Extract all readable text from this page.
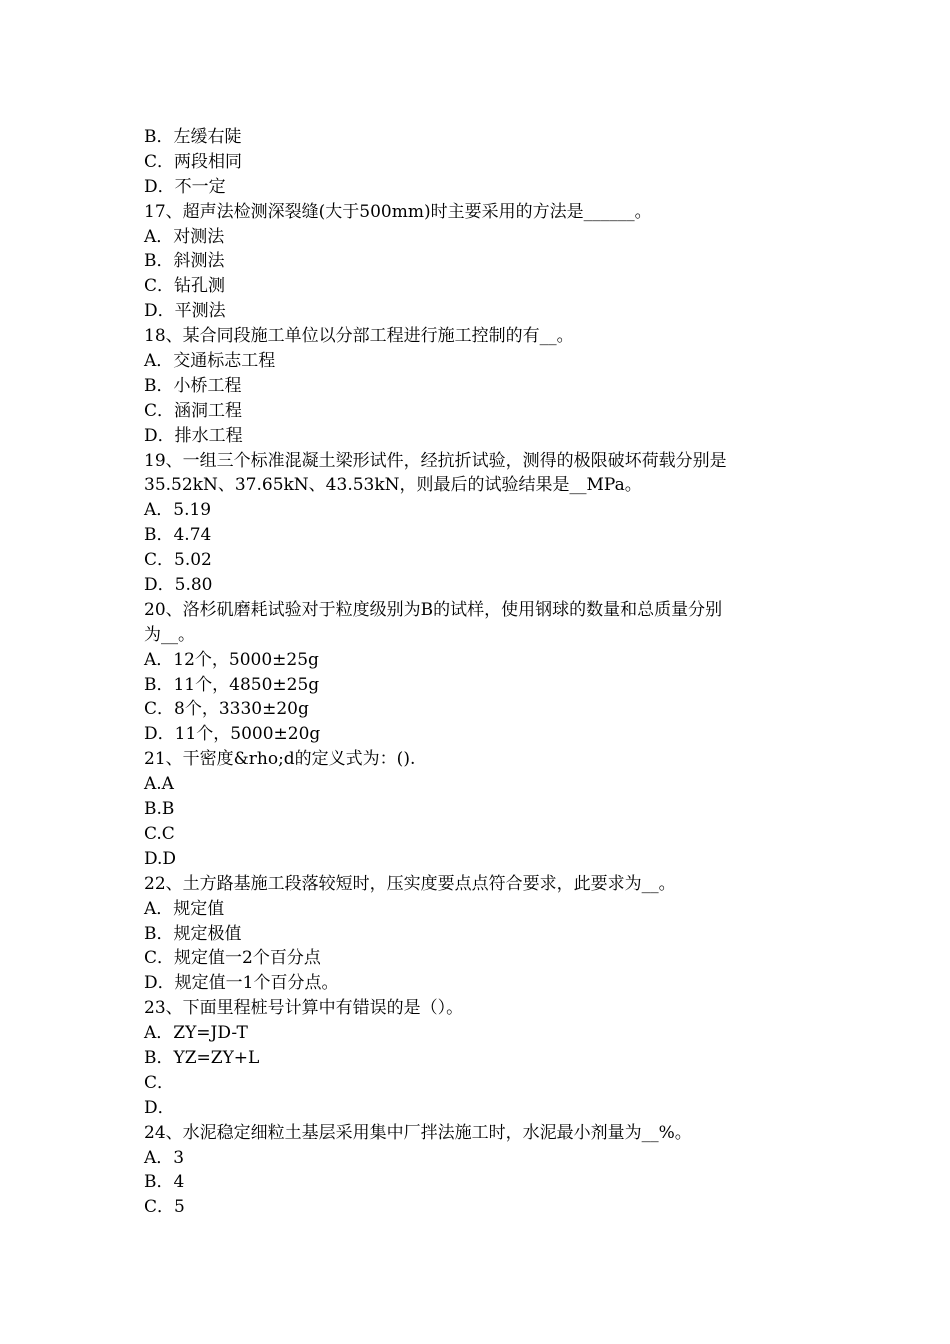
B．左缓右陡
C．两段相同
D．不一定
17、超声法检测深裂缝(大于500mm)时主要采用的方法是______。
A．对测法
B．斜测法
C．钻孔测
D．平测法
18、某合同段施工单位以分部工程进行施工控制的有__。
A．交通标志工程
B．小桥工程
C．涵洞工程
D．排水工程
19、一组三个标准混凝土梁形试件，经抗折试验，测得的极限破坏荷载分别是
35.52kN、37.65kN、43.53kN，则最后的试验结果是__MPa。
A．5.19
B．4.74
C．5.02
D．5.80
20、洛杉矶磨耗试验对于粒度级别为B的试样，使用钢球的数量和总质量分别
为__。
A．12个，5000±25g
B．11个，4850±25g
C．8个，3330±20g
D．11个，5000±20g
21、干密度&rho;d的定义式为：().
A.A
B.B
C.C
D.D
22、土方路基施工段落较短时，压实度要点点符合要求，此要求为__。
A．规定值
B．规定极值
C．规定值一2个百分点
D．规定值一1个百分点。
23、下面里程桩号计算中有错误的是（）。
A．ZY=JD-T
B．YZ=ZY+L
C．
D．
24、水泥稳定细粒土基层采用集中厂拌法施工时，水泥最小剂量为__%。
A．3
B．4
C．5
